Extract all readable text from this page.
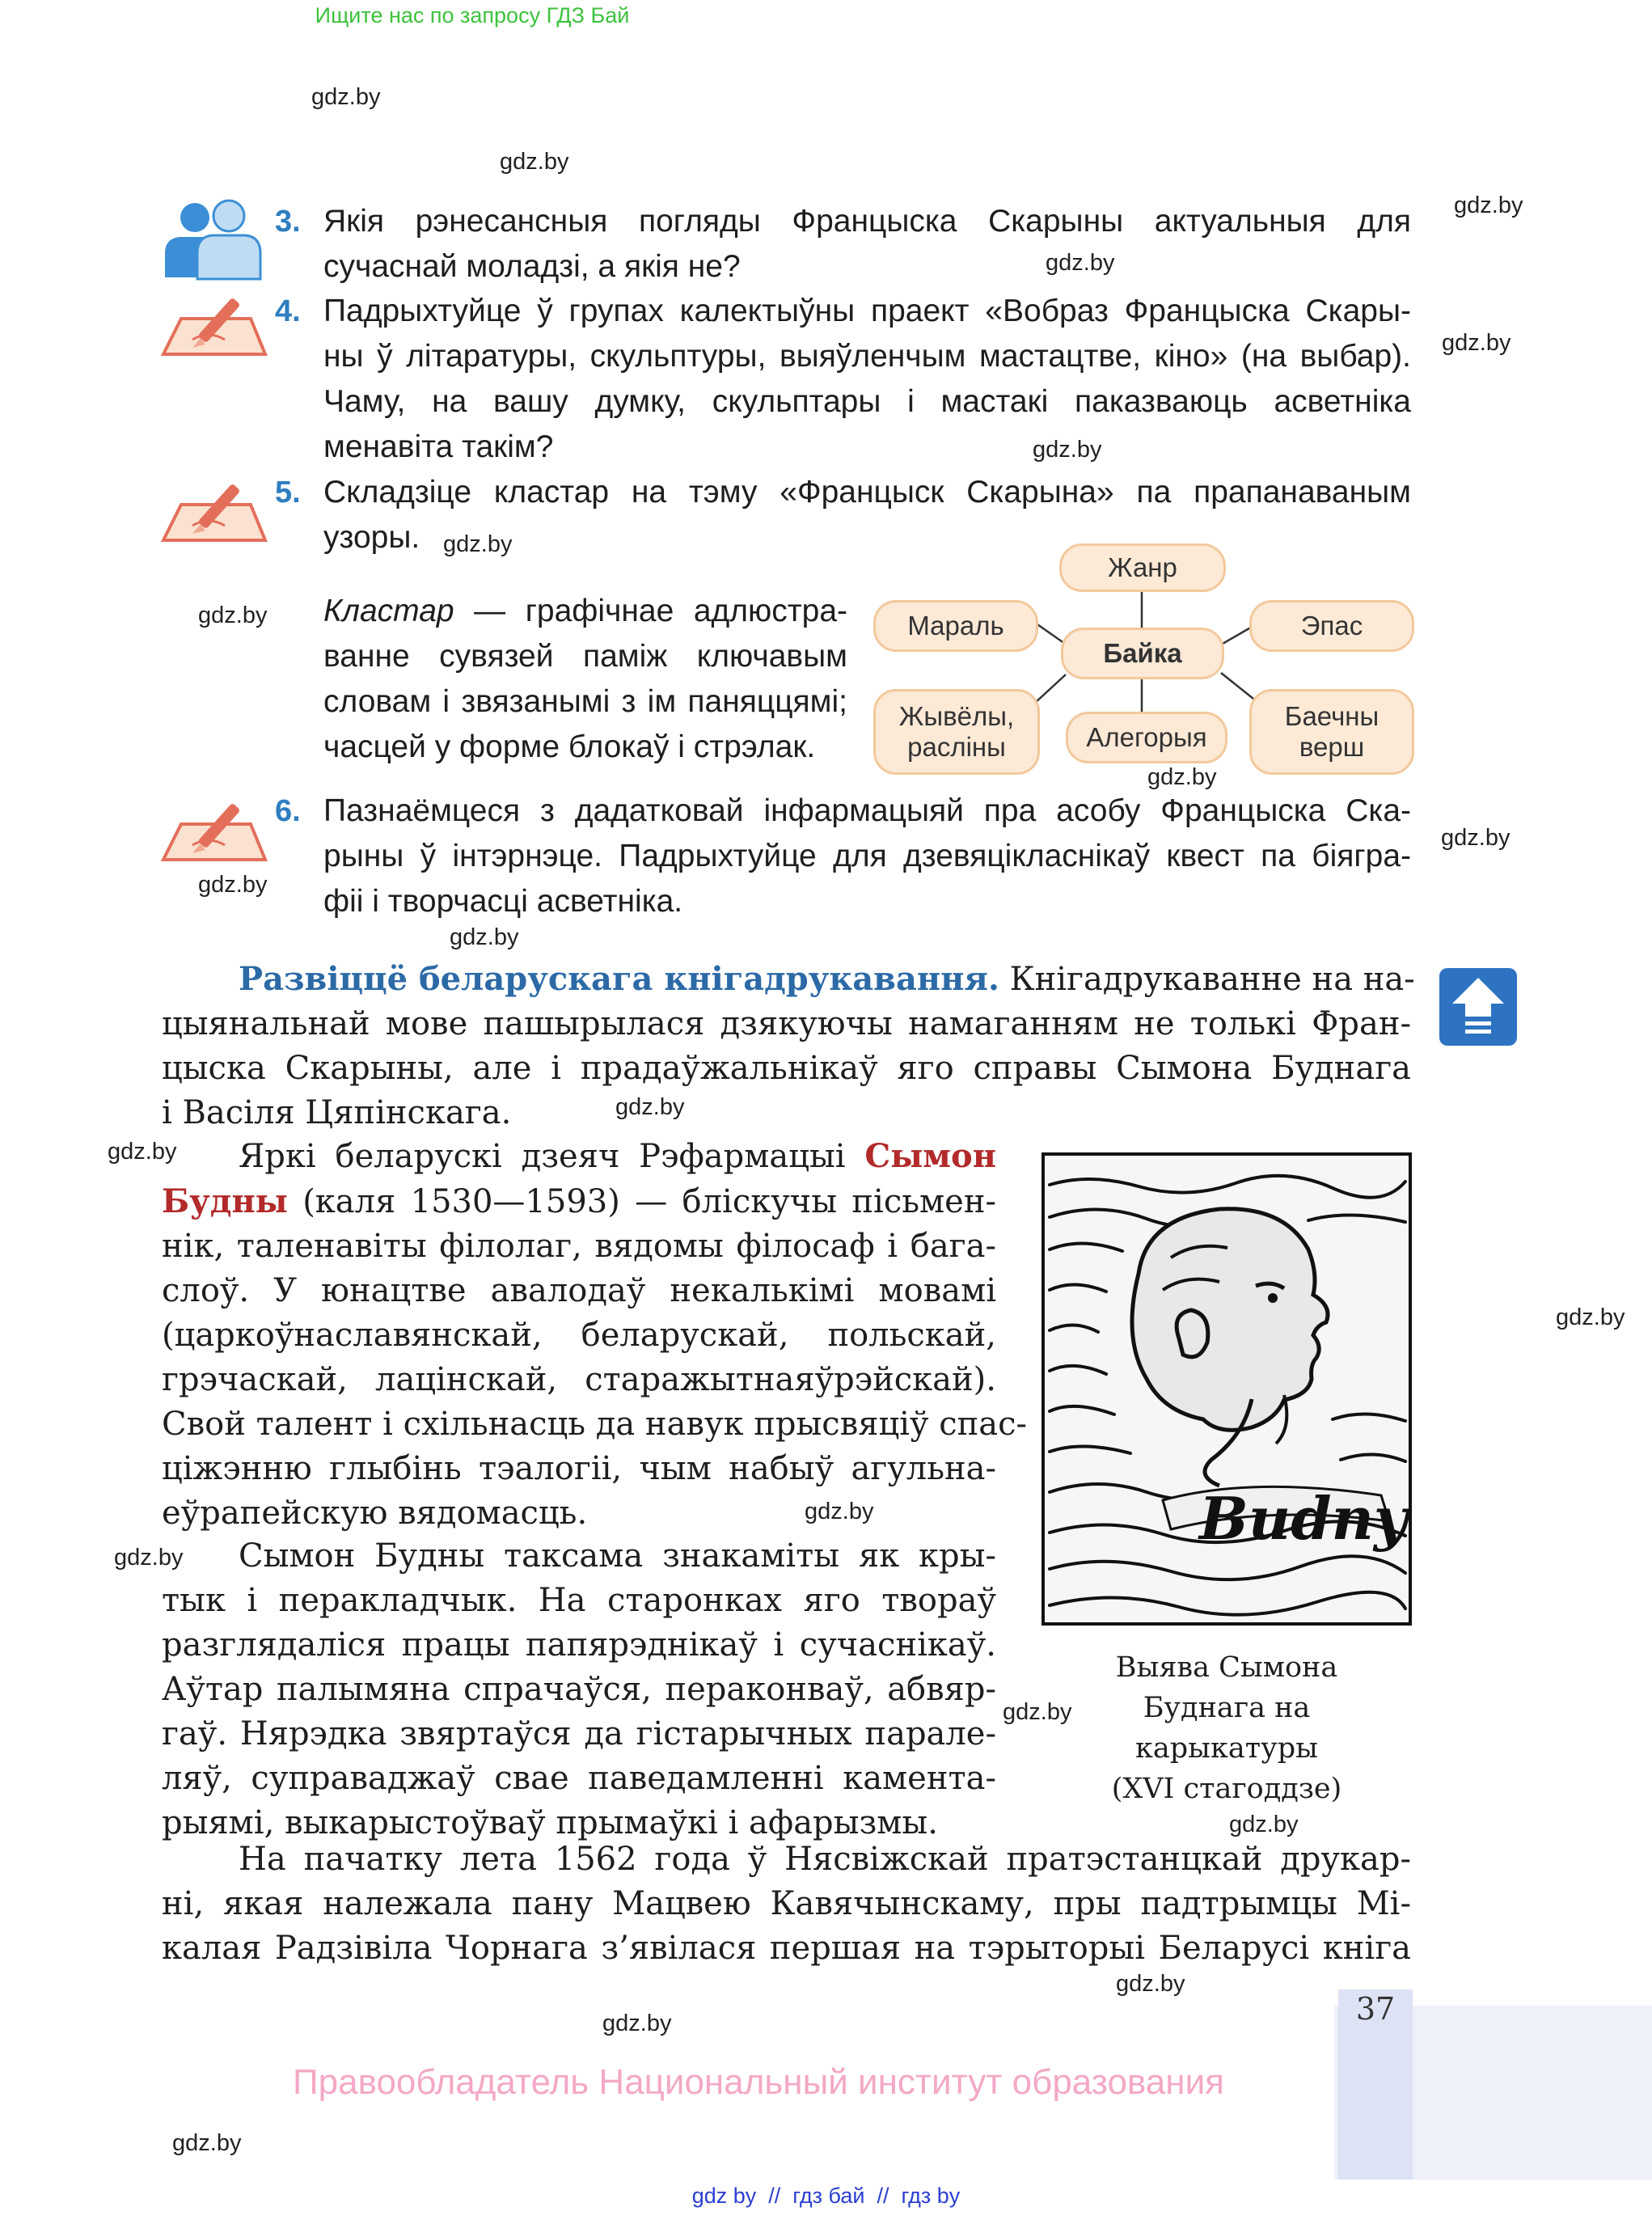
Ищите нас по запросу ГДЗ Бай
gdz.by
gdz.by
gdz.by
gdz.by
gdz.by
gdz.by
gdz.by
gdz.by
gdz.by
gdz.by
gdz.by
gdz.by
gdz.by
gdz.by
gdz.by
gdz.by
gdz.by
gdz.by
gdz.by
gdz.by
gdz.by
gdz.by
3. Якія рэнесансныя погляды Францыска Скарыны актуальныя для
сучаснай моладзі, а якія не?
4. Падрыхтуйце ў групах калектыўны праект «Вобраз Францыска Скары-
ны ў літаратуры, скульптуры, выяўленчым мастацтве, кіно» (на выбар).
Чаму, на вашу думку, скульптары і мастакі паказваюць асветніка
менавіта такім?
5. Складзіце кластар на тэму «Францыск Скарына» па прапанаваным
узоры.
Кластар — графічнае адлюстра-
ванне сувязей паміж ключавым
словам і звязанымі з ім паняццямі;
часцей у форме блокаў і стрэлак.
Жанр
Мараль	Эпас
Байка
Жывёлы,
расліны	Алегорыя
Баечны
верш
6. Пазнаёмцеся з дадатковай інфармацыяй пра асобу Францыска Ска-
рыны ў інтэрнэце. Падрыхтуйце для дзевяцікласнікаў квест па біягра-
фіі і творчасці асветніка.
Развіццё беларускага кнігадрукавання. Кнігадрукаванне на на-
цыянальнай мове пашырылася дзякуючы намаганням не толькі Фран-
цыска Скарыны, але і прадаўжальнікаў яго справы Сымона Буднага
і Васіля Цяпінскага.
Яркі беларускі дзеяч Рэфармацыі Сымон
Будны (каля 1530—1593) — бліскучы пісьмен-
нік, таленавіты філолаг, вядомы філосаф і бага-
слоў. У юнацтве авалодаў некалькімі мовамі
(царкоўнаславянскай, беларускай, польскай,
грэчаскай, лацінскай, старажытнаяўрэйскай).
Свой талент і схільнасць да навук прысвяціў спас-
ціжэнню глыбінь тэалогіі, чым набыў агульна-
еўрапейскую вядомасць.
Сымон Будны таксама знакаміты як кры-
тык і перакладчык. На старонках яго твораў
разглядаліся працы папярэднікаў і сучаснікаў.
Аўтар палымяна спрачаўся, пераконваў, абвяр-
гаў. Нярэдка звяртаўся да гістарычных парале-
ляў, суправаджаў свае паведамленні камента-
рыямі, выкарыстоўваў прымаўкі і афарызмы.
Budny
Выява Сымона
Буднага на
карыкатуры
(XVI стагоддзе)
На пачатку лета 1562 года ў Нясвіжскай пратэстанцкай друкар-
ні, якая належала пану Мацвею Кавячынскаму, пры падтрымцы Мі-
калая Радзівіла Чорнага з’явілася першая на тэрыторыі Беларусі кніга
37
Правообладатель Национальный институт образования
gdz by  //  гдз бай  //  гдз by
